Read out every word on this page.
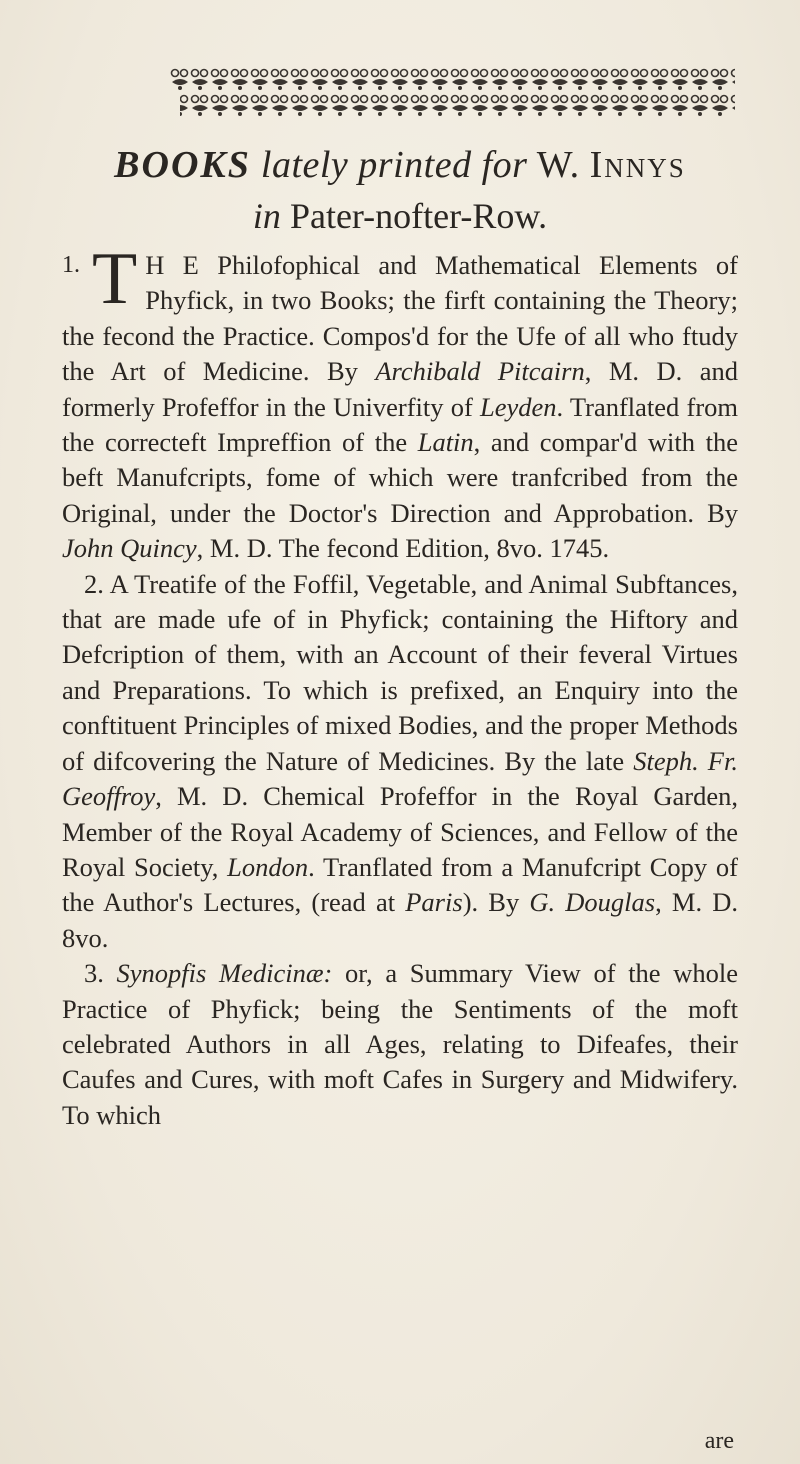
BOOKS lately printed for W. Innys
in Pater-nofter-Row.

1. T H E Philofophical and Mathematical Elements of Phyfick, in two Books; the firft containing the Theory; the fecond the Practice. Compos'd for the Ufe of all who ftudy the Art of Medicine. By Archibald Pitcairn, M. D. and formerly Profeffor in the Univerfity of Leyden. Tranflated from the correcteft Impreffion of the Latin, and compar'd with the beft Manufcripts, fome of which were tranfcribed from the Original, under the Doctor's Direction and Approbation. By John Quincy, M. D. The fecond Edition, 8vo. 1745.

2. A Treatife of the Foffil, Vegetable, and Animal Subftances, that are made ufe of in Phyfick; containing the Hiftory and Defcription of them, with an Account of their feveral Virtues and Preparations. To which is prefixed, an Enquiry into the conftituent Principles of mixed Bodies, and the proper Methods of difcovering the Nature of Medicines. By the late Steph. Fr. Geoffroy, M. D. Chemical Profeffor in the Royal Garden, Member of the Royal Academy of Sciences, and Fellow of the Royal Society, London. Tranflated from a Manufcript Copy of the Author's Lectures, (read at Paris). By G. Douglas, M. D. 8vo.

3. Synopfis Medicinæ: or, a Summary View of the whole Practice of Phyfick; being the Sentiments of the moft celebrated Authors in all Ages, relating to Difeafes, their Caufes and Cures, with moft Cafes in Surgery and Midwifery. To which

are
